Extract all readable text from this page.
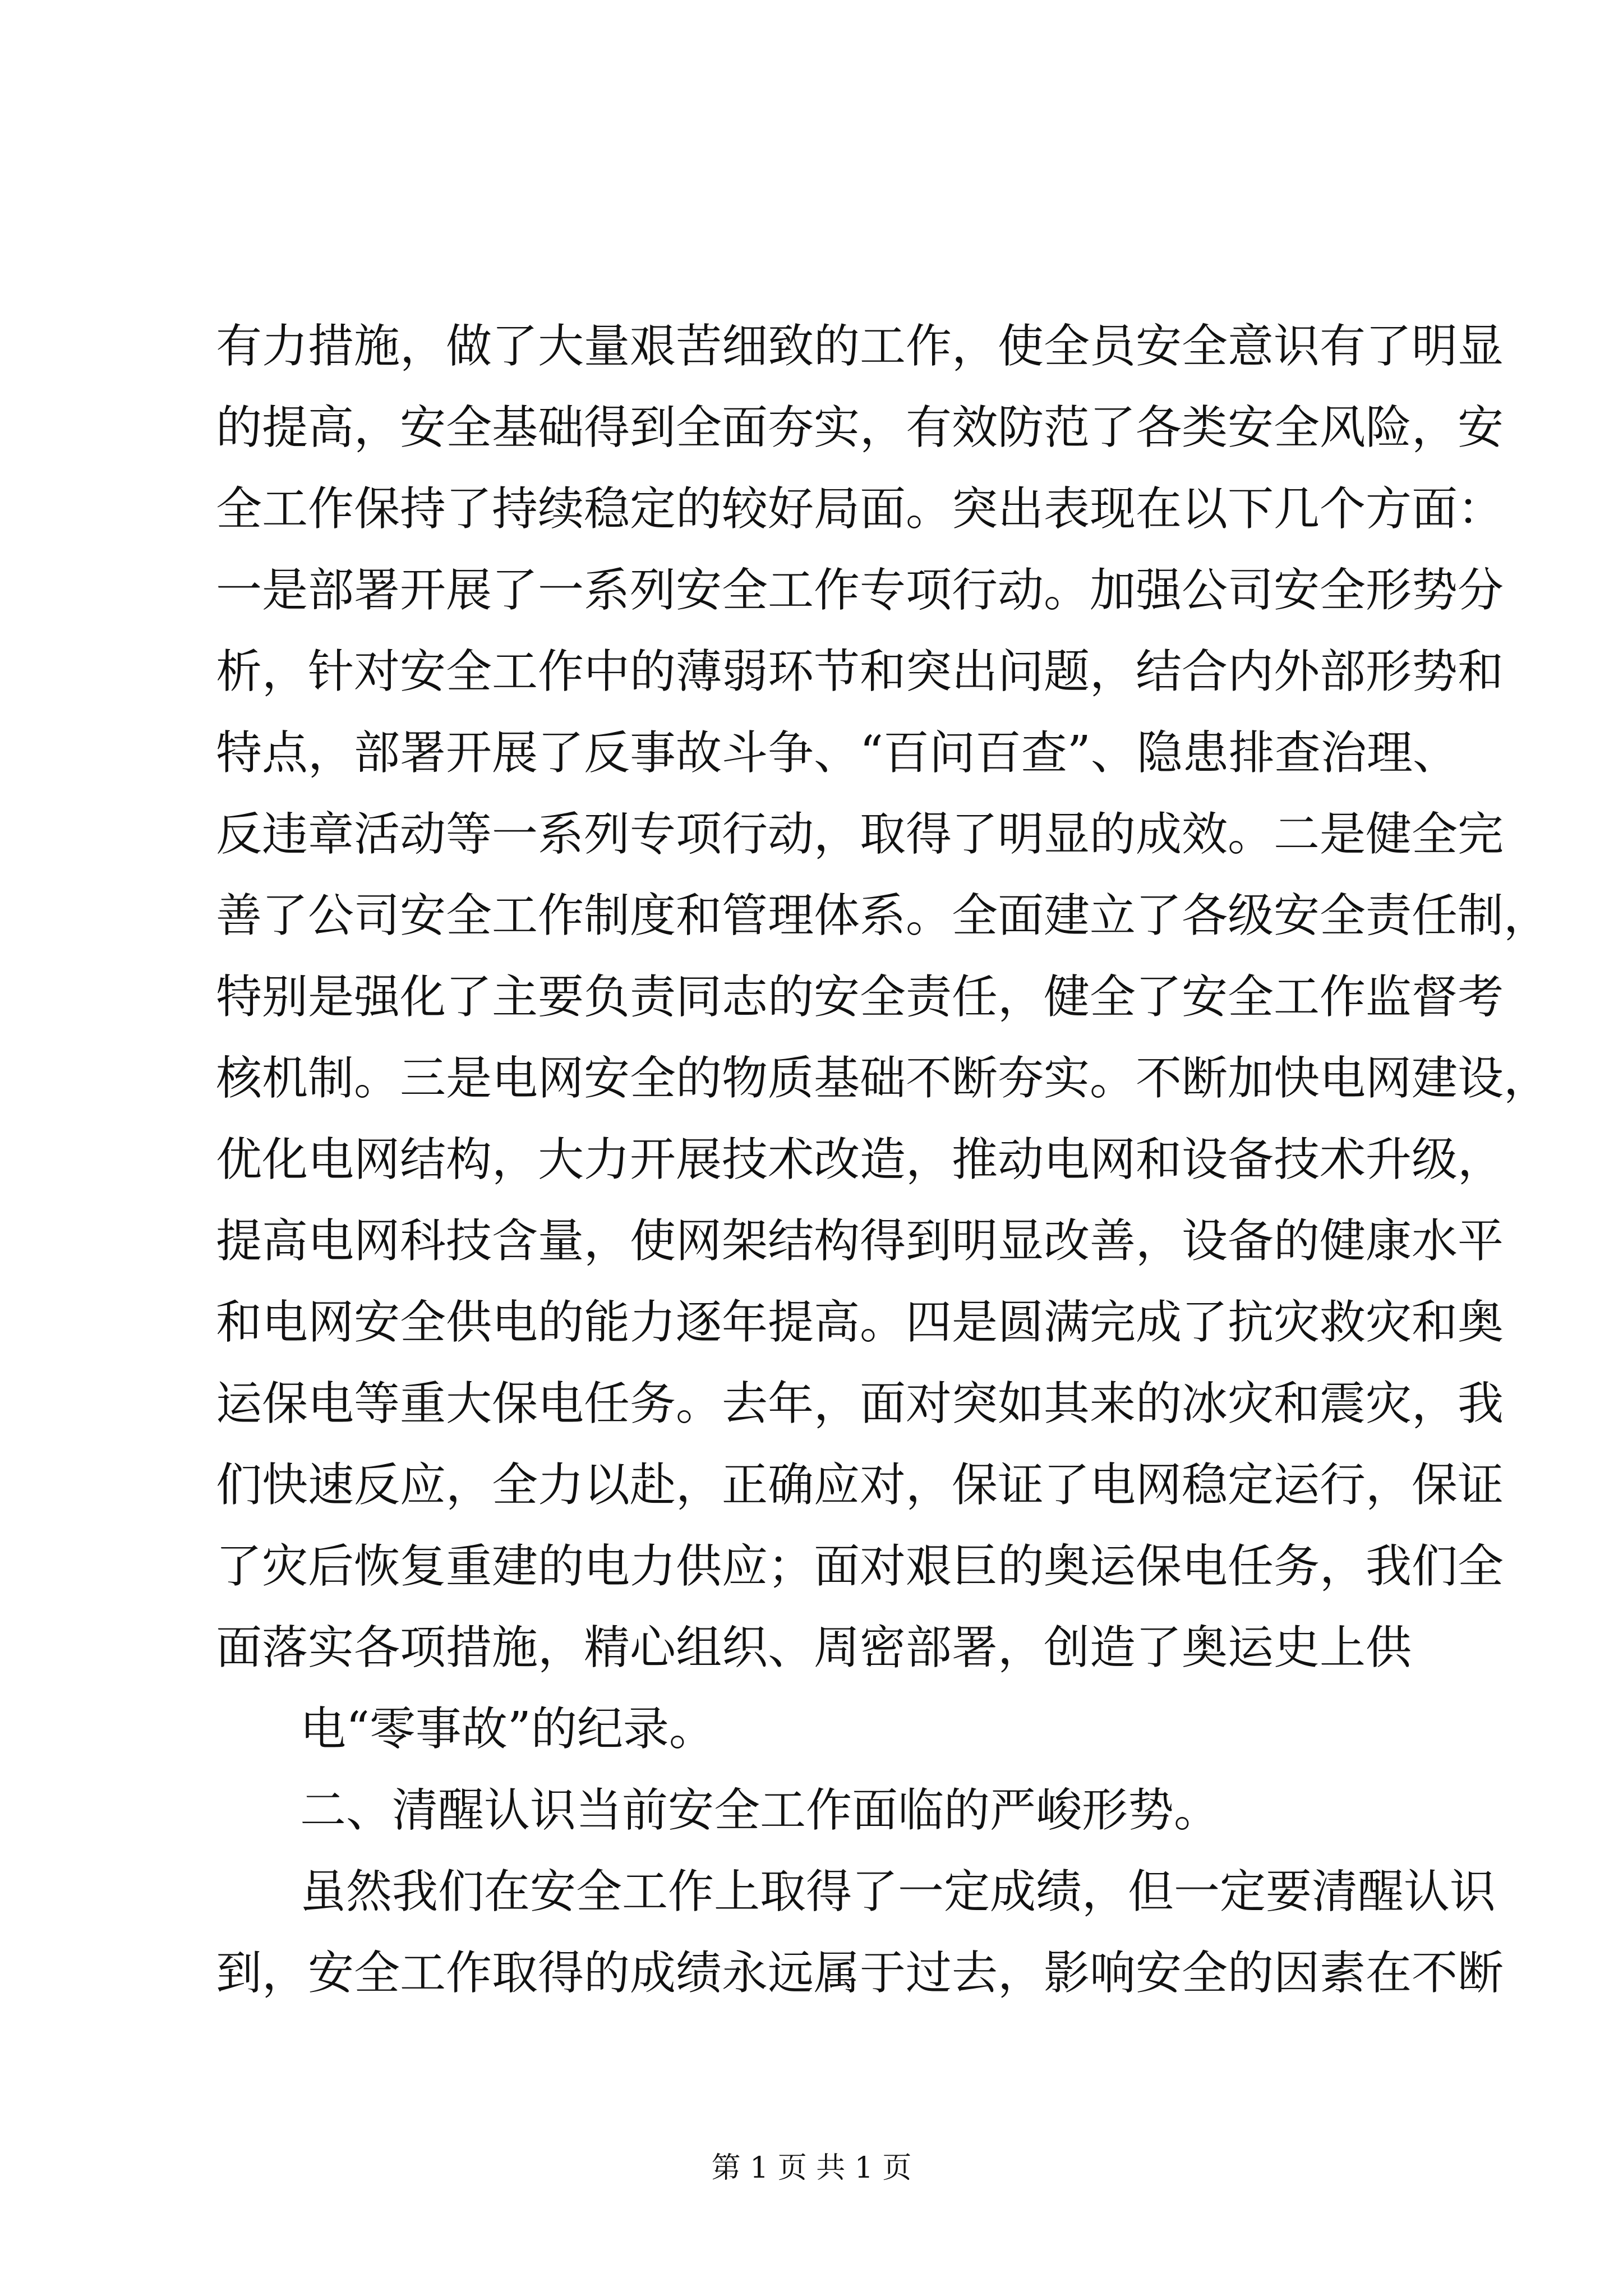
有力措施，做了大量艰苦细致的工作，使全员安全意识有了明显
的提高，安全基础得到全面夯实，有效防范了各类安全风险，安
全工作保持了持续稳定的较好局面。突出表现在以下几个方面：
一是部署开展了一系列安全工作专项行动。加强公司安全形势分
析，针对安全工作中的薄弱环节和突出问题，结合内外部形势和
特点，部署开展了反事故斗争、“百问百查”、隐患排查治理、
反违章活动等一系列专项行动，取得了明显的成效。二是健全完
善了公司安全工作制度和管理体系。全面建立了各级安全责任制，
特别是强化了主要负责同志的安全责任，健全了安全工作监督考
核机制。三是电网安全的物质基础不断夯实。不断加快电网建设，
优化电网结构，大力开展技术改造，推动电网和设备技术升级，
提高电网科技含量，使网架结构得到明显改善，设备的健康水平
和电网安全供电的能力逐年提高。四是圆满完成了抗灾救灾和奥
运保电等重大保电任务。去年，面对突如其来的冰灾和震灾，我
们快速反应，全力以赴，正确应对，保证了电网稳定运行，保证
了灾后恢复重建的电力供应；面对艰巨的奥运保电任务，我们全
面落实各项措施，精心组织、周密部署，创造了奥运史上供
电“零事故”的纪录。
二、清醒认识当前安全工作面临的严峻形势。
虽然我们在安全工作上取得了一定成绩，但一定要清醒认识
到，安全工作取得的成绩永远属于过去，影响安全的因素在不断
第 1 页 共 1 页
